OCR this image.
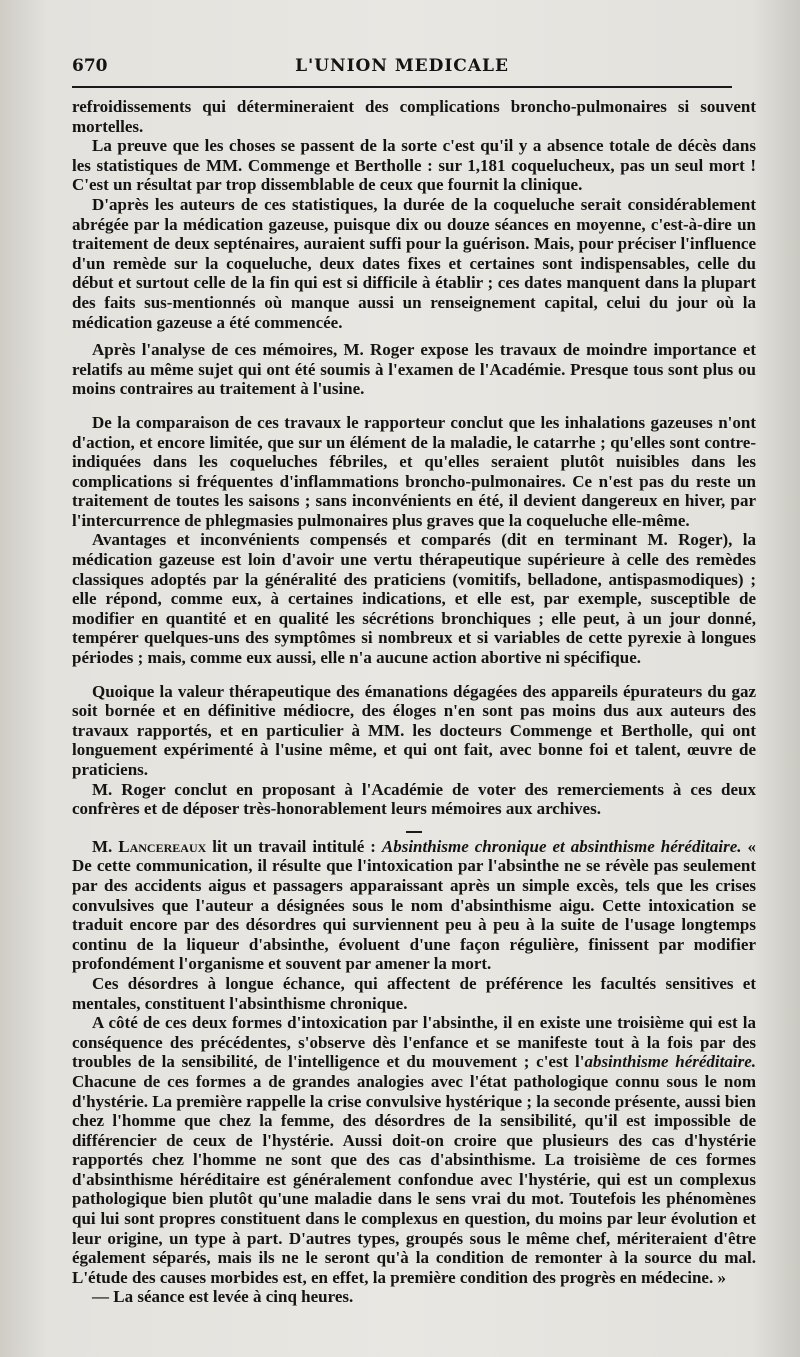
670	L'UNION MEDICALE

refroidissements qui détermineraient des complications broncho-pulmonaires si souvent mortelles.

La preuve que les choses se passent de la sorte c'est qu'il y a absence totale de décès dans les statistiques de MM. Commenge et Bertholle : sur 1,181 coquelucheux, pas un seul mort ! C'est un résultat par trop dissemblable de ceux que fournit la clinique.

D'après les auteurs de ces statistiques, la durée de la coqueluche serait considérablement abrégée par la médication gazeuse, puisque dix ou douze séances en moyenne, c'est-à-dire un traitement de deux septénaires, auraient suffi pour la guérison. Mais, pour préciser l'influence d'un remède sur la coqueluche, deux dates fixes et certaines sont indispensables, celle du début et surtout celle de la fin qui est si difficile à établir ; ces dates manquent dans la plupart des faits sus-mentionnés où manque aussi un renseignement capital, celui du jour où la médication gazeuse a été commencée.

Après l'analyse de ces mémoires, M. Roger expose les travaux de moindre importance et relatifs au même sujet qui ont été soumis à l'examen de l'Académie. Presque tous sont plus ou moins contraires au traitement à l'usine.

De la comparaison de ces travaux le rapporteur conclut que les inhalations gazeuses n'ont d'action, et encore limitée, que sur un élément de la maladie, le catarrhe ; qu'elles sont contre-indiquées dans les coqueluches fébriles, et qu'elles seraient plutôt nuisibles dans les complications si fréquentes d'inflammations broncho-pulmonaires. Ce n'est pas du reste un traitement de toutes les saisons ; sans inconvénients en été, il devient dangereux en hiver, par l'intercurrence de phlegmasies pulmonaires plus graves que la coqueluche elle-même.

Avantages et inconvénients compensés et comparés (dit en terminant M. Roger), la médication gazeuse est loin d'avoir une vertu thérapeutique supérieure à celle des remèdes classiques adoptés par la généralité des praticiens (vomitifs, belladone, antispasmodiques) ; elle répond, comme eux, à certaines indications, et elle est, par exemple, susceptible de modifier en quantité et en qualité les sécrétions bronchiques ; elle peut, à un jour donné, tempérer quelques-uns des symptômes si nombreux et si variables de cette pyrexie à longues périodes ; mais, comme eux aussi, elle n'a aucune action abortive ni spécifique.

Quoique la valeur thérapeutique des émanations dégagées des appareils épurateurs du gaz soit bornée et en définitive médiocre, des éloges n'en sont pas moins dus aux auteurs des travaux rapportés, et en particulier à MM. les docteurs Commenge et Bertholle, qui ont longuement expérimenté à l'usine même, et qui ont fait, avec bonne foi et talent, œuvre de praticiens.

M. Roger conclut en proposant à l'Académie de voter des remerciements à ces deux confrères et de déposer très-honorablement leurs mémoires aux archives.

M. Lancereaux lit un travail intitulé : Absinthisme chronique et absinthisme héréditaire. « De cette communication, il résulte que l'intoxication par l'absinthe ne se révèle pas seulement par des accidents aigus et passagers apparaissant après un simple excès, tels que les crises convulsives que l'auteur a désignées sous le nom d'absinthisme aigu. Cette intoxication se traduit encore par des désordres qui surviennent peu à peu à la suite de l'usage longtemps continu de la liqueur d'absinthe, évoluent d'une façon régulière, finissent par modifier profondément l'organisme et souvent par amener la mort.

Ces désordres à longue échance, qui affectent de préférence les facultés sensitives et mentales, constituent l'absinthisme chronique.

A côté de ces deux formes d'intoxication par l'absinthe, il en existe une troisième qui est la conséquence des précédentes, s'observe dès l'enfance et se manifeste tout à la fois par des troubles de la sensibilité, de l'intelligence et du mouvement ; c'est l'absinthisme héréditaire. Chacune de ces formes a de grandes analogies avec l'état pathologique connu sous le nom d'hystérie. La première rappelle la crise convulsive hystérique ; la seconde présente, aussi bien chez l'homme que chez la femme, des désordres de la sensibilité, qu'il est impossible de différencier de ceux de l'hystérie. Aussi doit-on croire que plusieurs des cas d'hystérie rapportés chez l'homme ne sont que des cas d'absinthisme. La troisième de ces formes d'absinthisme héréditaire est généralement confondue avec l'hystérie, qui est un complexus pathologique bien plutôt qu'une maladie dans le sens vrai du mot. Toutefois les phénomènes qui lui sont propres constituent dans le complexus en question, du moins par leur évolution et leur origine, un type à part. D'autres types, groupés sous le même chef, mériteraient d'être également séparés, mais ils ne le seront qu'à la condition de remonter à la source du mal. L'étude des causes morbides est, en effet, la première condition des progrès en médecine. »

— La séance est levée à cinq heures.
